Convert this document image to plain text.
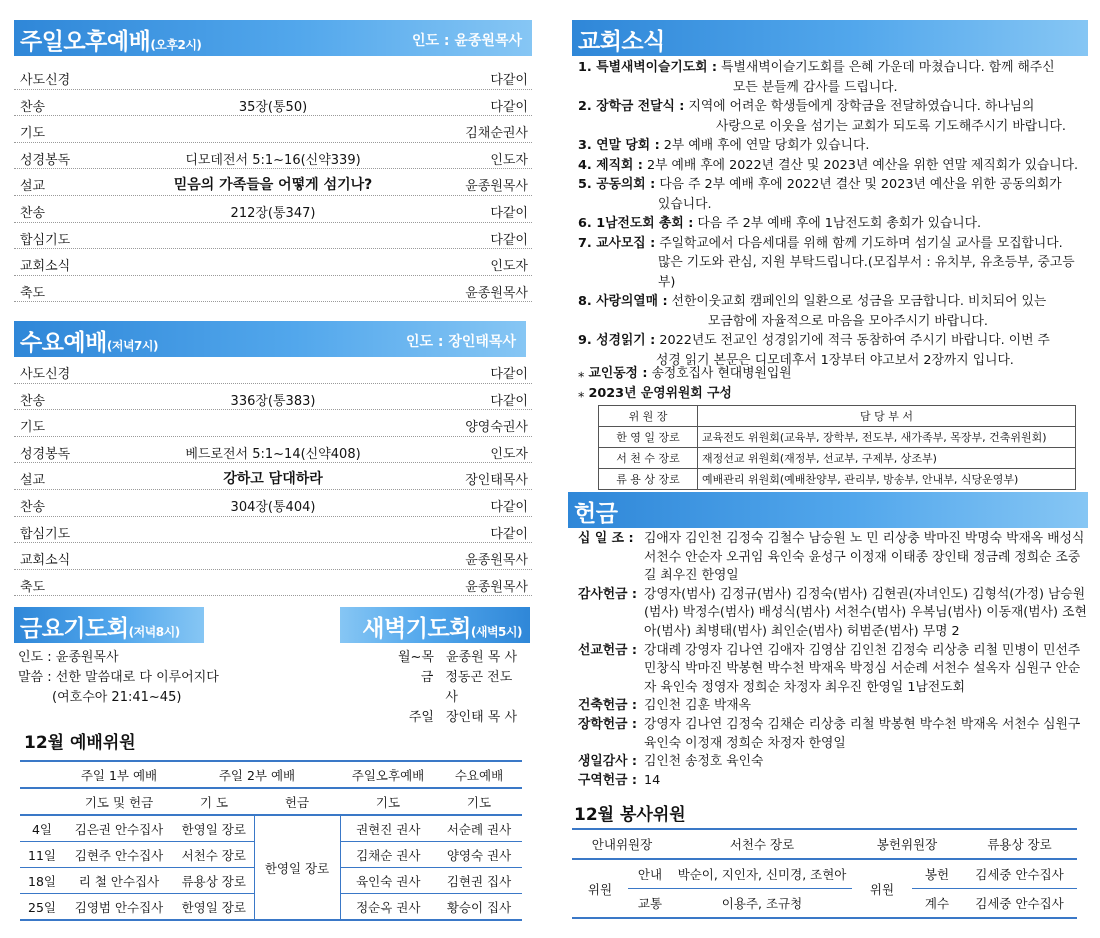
주일오후예배(오후2시)	인도 : 윤종원목사
사도신경	다같이
찬송	35장(통50)	다같이
기도	김채순권사
성경봉독	디모데전서 5:1~16(신약339)	인도자
설교	믿음의 가족들을 어떻게 섬기나?	윤종원목사
찬송	212장(통347)	다같이
합심기도	다같이
교회소식	인도자
축도	윤종원목사
수요예배(저녁7시)	인도 : 장인태목사
사도신경	다같이
찬송	336장(통383)	다같이
기도	양영숙권사
성경봉독	베드로전서 5:1~14(신약408)	인도자
설교	강하고 담대하라	장인태목사
찬송	304장(통404)	다같이
합심기도	다같이
교회소식	윤종원목사
축도	윤종원목사
금요기도회(저녁8시)	새벽기도회(새벽5시)
인도 : 윤종원목사
말씀 : 선한 말씀대로 다 이루어지다
(여호수아 21:41~45)
월~목 윤종원 목 사
금 정동곤 전도사
주일 장인태 목 사
12월 예배위원
	주일 1부 예배	주일 2부 예배		주일오후예배	수요예배
	기도 및 헌금	기 도	헌금	기도	기도
4일	김은권 안수집사	한영일 장로	한영일 장로	권현진 권사	서순례 권사
11일	김현주 안수집사	서천수 장로		김채순 권사	양영숙 권사
18일	리 철 안수집사	류용상 장로		육인숙 권사	김현권 집사
25일	김영범 안수집사	한영일 장로		정순옥 권사	황승이 집사
교회소식
1. 특별새벽이슬기도회 : 특별새벽이슬기도회를 은혜 가운데 마쳤습니다. 함께 해주신
모든 분들께 감사를 드립니다.
2. 장학금 전달식 : 지역에 어려운 학생들에게 장학금을 전달하였습니다. 하나님의
사랑으로 이웃을 섬기는 교회가 되도록 기도해주시기 바랍니다.
3. 연말 당회 : 2부 예배 후에 연말 당회가 있습니다.
4. 제직회 : 2부 예배 후에 2022년 결산 및 2023년 예산을 위한 연말 제직회가 있습니다.
5. 공동의회 : 다음 주 2부 예배 후에 2022년 결산 및 2023년 예산을 위한 공동의회가
있습니다.
6. 1남전도회 총회 : 다음 주 2부 예배 후에 1남전도회 총회가 있습니다.
7. 교사모집 : 주일학교에서 다음세대를 위해 함께 기도하며 섬기실 교사를 모집합니다.
많은 기도와 관심, 지원 부탁드립니다.(모집부서 : 유치부, 유초등부, 중고등부)
8. 사랑의열매 : 선한이웃교회 캠페인의 일환으로 성금을 모금합니다. 비치되어 있는
모금함에 자율적으로 마음을 모아주시기 바랍니다.
9. 성경읽기 : 2022년도 전교인 성경읽기에 적극 동참하여 주시기 바랍니다. 이번 주
성경 읽기 본문은 디모데후서 1장부터 야고보서 2장까지 입니다.
⁎ 교인동정 : 송정호집사 현대병원입원
⁎ 2023년 운영위원회 구성
위 원 장	담 당 부 서
한 영 일 장로	교육전도 위원회(교육부, 장학부, 전도부, 새가족부, 목장부, 건축위원회)
서 천 수 장로	재정선교 위원회(재정부, 선교부, 구제부, 상조부)
류 용 상 장로	예배관리 위원회(예배찬양부, 관리부, 방송부, 안내부, 식당운영부)
헌금
십 일 조 : 김애자 김인천 김정숙 김철수 남승원 노 민 리상충 박마진 박명숙 박재옥 배성식 서천수 안순자 오귀임 육인숙 윤성구 이정재 이태종 장인태 정금례 정희순 조중길 최우진 한영일
감사헌금 : 강영자(범사) 김정규(범사) 김정숙(범사) 김현권(자녀인도) 김형석(가정) 남승원(범사) 박정수(범사) 배성식(범사) 서천수(범사) 우복님(범사) 이동재(범사) 조현아(범사) 최병태(범사) 최인순(범사) 허범준(범사) 무명 2
선교헌금 : 강대례 강영자 김나연 김애자 김영삼 김인천 김정숙 리상충 리철 민병이 민선주 민창식 박마진 박봉현 박수천 박재옥 박정심 서순례 서천수 설옥자 심원구 안순자 육인숙 정영자 정희순 차정자 최우진 한영일 1남전도회
건축헌금 : 김인천 김훈 박재옥
장학헌금 : 강영자 김나연 김정숙 김채순 리상충 리철 박봉현 박수천 박재옥 서천수 심원구 육인숙 이정재 정희순 차정자 한영일
생일감사 : 김인천 송정호 육인숙
구역헌금 : 14
12월 봉사위원
안내위원장		서천수 장로	봉헌위원장		류용상 장로
위원	안내	박순이, 지인자, 신미경, 조현아	위원	봉헌	김세중 안수집사
	교통	이용주, 조규청		계수	김세중 안수집사
